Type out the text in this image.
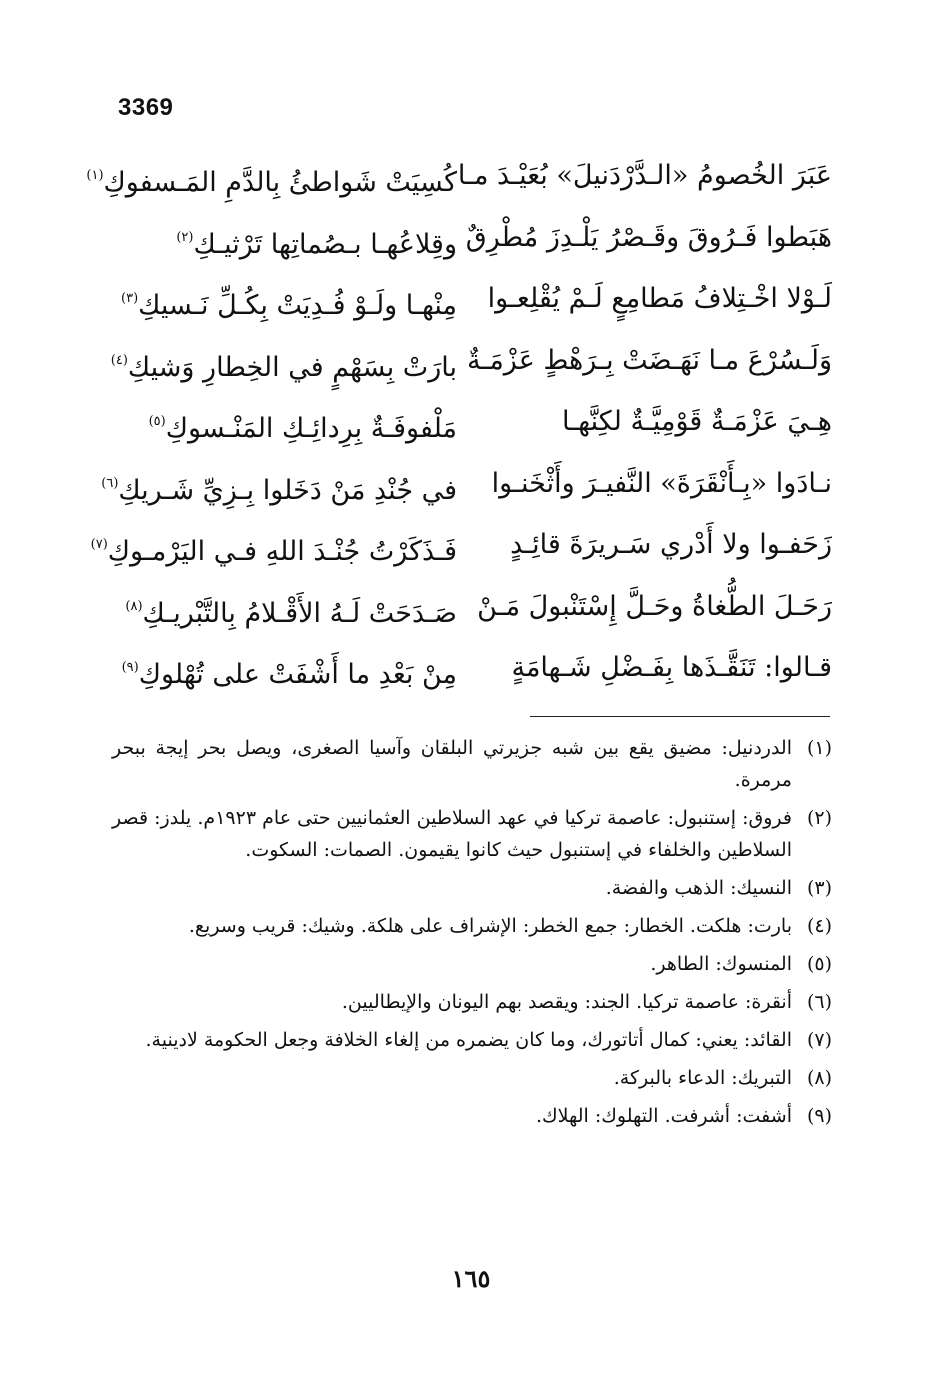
3369
عَبَرَ الخُصومُ «الـدَّرْدَنيلَ» بُعَيْـدَ مـا
كُسِيَتْ شَواطئُ بِالدَّمِ المَـسفوكِ$^{(١)}$
هَبَطوا فَـرُوقَ وقَـصْرُ يَلْـدِزَ مُطْرِقٌ
وقِلاعُهـا بـصُماتِها تَرْثيـكِ$^{(٢)}$
لَـوْلا اخْـتِلافُ مَطامِعٍ لَـمْ يُقْلِعـوا
مِنْهـا ولَـوْ فُـدِيَتْ بِكُـلِّ نَـسيكِ$^{(٣)}$
وَلَـسُرْعَ مـا نَهَـضَتْ بِـرَهْطٍ عَزْمَـةٌ
بارَتْ بِسَهْمٍ في الخِطارِ وَشيكِ$^{(٤)}$
هِـيَ عَزْمَـةٌ قَوْمِيَّـةٌ لكِنَّهـا
مَلْفوفَـةٌ بِرِدائِـكِ المَنْـسوكِ$^{(٥)}$
نـادَوا «بِـأَنْقَرَةَ» النَّفيـرَ وأَثْخَنـوا
في جُنْدِ مَنْ دَخَلوا بِـزِيِّ شَـريكِ$^{(٦)}$
زَحَفـوا ولا أَدْري سَـريرَةَ قائِـدٍ
فَـذَكَرْتُ جُنْـدَ اللهِ فـي اليَرْمـوكِ$^{(٧)}$
رَحَـلَ الطُّغاةُ وحَـلَّ إِسْتَنْبولَ مَـنْ
صَـدَحَتْ لَـهُ الأَقْـلامُ بِالتَّبْريـكِ$^{(٨)}$
قـالوا: تَنَقَّـذَها بِفَـضْلِ شَـهامَةٍ
مِنْ بَعْدِ ما أَشْفَتْ على تُهْلوكِ$^{(٩)}$
(١)
الدردنيل: مضيق يقع بين شبه جزيرتي البلقان وآسيا الصغرى، ويصل بحر إيجة ببحر مرمرة.
(٢)
فروق: إستنبول: عاصمة تركيا في عهد السلاطين العثمانيين حتى عام ١٩٢٣م. يلدز: قصر السلاطين والخلفاء في إستنبول حيث كانوا يقيمون. الصمات: السكوت.
(٣)
النسيك: الذهب والفضة.
(٤)
بارت: هلكت. الخطار: جمع الخطر: الإشراف على هلكة. وشيك: قريب وسريع.
(٥)
المنسوك: الطاهر.
(٦)
أنقرة: عاصمة تركيا. الجند: ويقصد بهم اليونان والإيطاليين.
(٧)
القائد: يعني: كمال أتاتورك، وما كان يضمره من إلغاء الخلافة وجعل الحكومة لادينية.
(٨)
التبريك: الدعاء بالبركة.
(٩)
أشفت: أشرفت. التهلوك: الهلاك.
١٦٥
